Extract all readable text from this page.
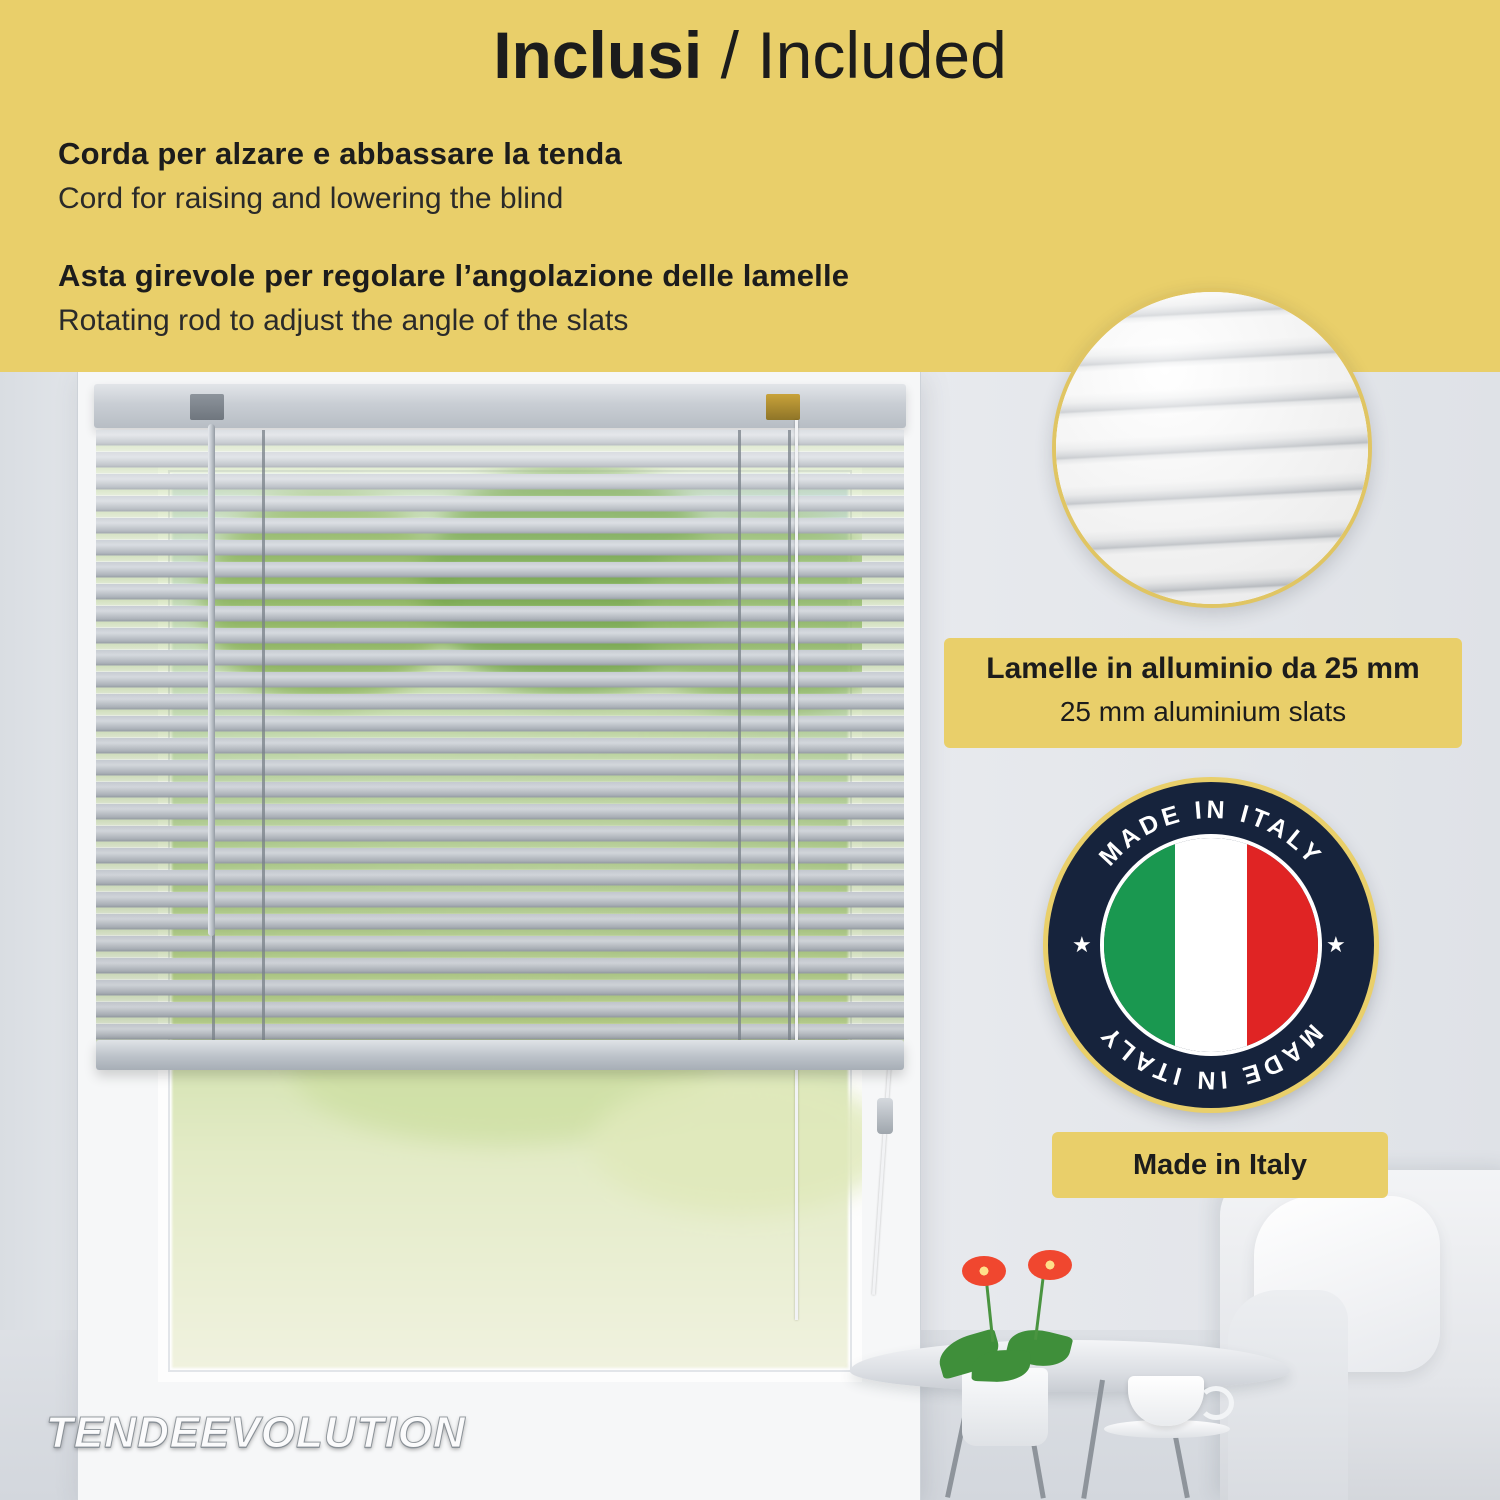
Inclusi / Included
Corda per alzare e abbassare la tenda
Cord for raising and lowering the blind
Asta girevole per regolare l’angolazione delle lamelle
Rotating rod to adjust the angle of the slats
Lamelle in alluminio da 25 mm
25 mm aluminium slats
MADE IN ITALY
MADE IN ITALY
★	★
Made in Italy
TENDEEVOLUTION
